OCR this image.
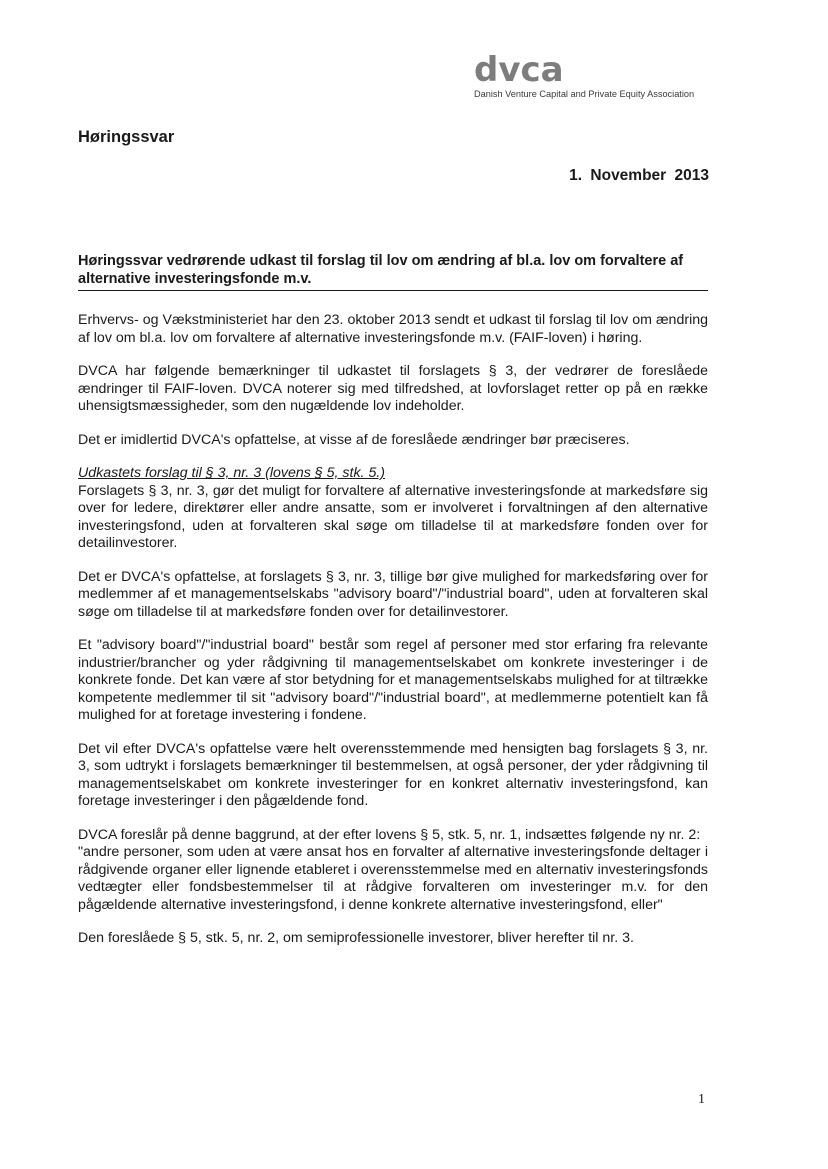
dvca
Danish Venture Capital and Private Equity Association
Høringssvar
1. November 2013
Høringssvar vedrørende udkast til forslag til lov om ændring af bl.a. lov om forvaltere af alternative investeringsfonde m.v.

Erhvervs- og Vækstministeriet har den 23. oktober 2013 sendt et udkast til forslag til lov om ændring af lov om bl.a. lov om forvaltere af alternative investeringsfonde m.v. (FAIF-loven) i høring.

DVCA har følgende bemærkninger til udkastet til forslagets § 3, der vedrører de foreslåede ændringer til FAIF-loven. DVCA noterer sig med tilfredshed, at lovforslaget retter op på en række uhensigtsmæssigheder, som den nugældende lov indeholder.

Det er imidlertid DVCA's opfattelse, at visse af de foreslåede ændringer bør præciseres.

Udkastets forslag til § 3, nr. 3 (lovens § 5, stk. 5.)
Forslagets § 3, nr. 3, gør det muligt for forvaltere af alternative investeringsfonde at markedsføre sig over for ledere, direktører eller andre ansatte, som er involveret i forvaltningen af den alternative investeringsfond, uden at forvalteren skal søge om tilladelse til at markedsføre fonden over for detailinvestorer.

Det er DVCA's opfattelse, at forslagets § 3, nr. 3, tillige bør give mulighed for markedsføring over for medlemmer af et managementselskabs "advisory board"/"industrial board", uden at forvalteren skal søge om tilladelse til at markedsføre fonden over for detailinvestorer.

Et "advisory board"/"industrial board" består som regel af personer med stor erfaring fra relevante industrier/brancher og yder rådgivning til managementselskabet om konkrete investeringer i de konkrete fonde. Det kan være af stor betydning for et managementselskabs mulighed for at tiltrække kompetente medlemmer til sit "advisory board"/"industrial board", at medlemmerne potentielt kan få mulighed for at foretage investering i fondene.

Det vil efter DVCA's opfattelse være helt overensstemmende med hensigten bag forslagets § 3, nr. 3, som udtrykt i forslagets bemærkninger til bestemmelsen, at også personer, der yder rådgivning til managementselskabet om konkrete investeringer for en konkret alternativ investeringsfond, kan foretage investeringer i den pågældende fond.

DVCA foreslår på denne baggrund, at der efter lovens § 5, stk. 5, nr. 1, indsættes følgende ny nr. 2:
"andre personer, som uden at være ansat hos en forvalter af alternative investeringsfonde deltager i rådgivende organer eller lignende etableret i overensstemmelse med en alternativ investeringsfonds vedtægter eller fondsbestemmelser til at rådgive forvalteren om investeringer m.v. for den pågældende alternative investeringsfond, i denne konkrete alternative investeringsfond, eller"

Den foreslåede § 5, stk. 5, nr. 2, om semiprofessionelle investorer, bliver herefter til nr. 3.

1
